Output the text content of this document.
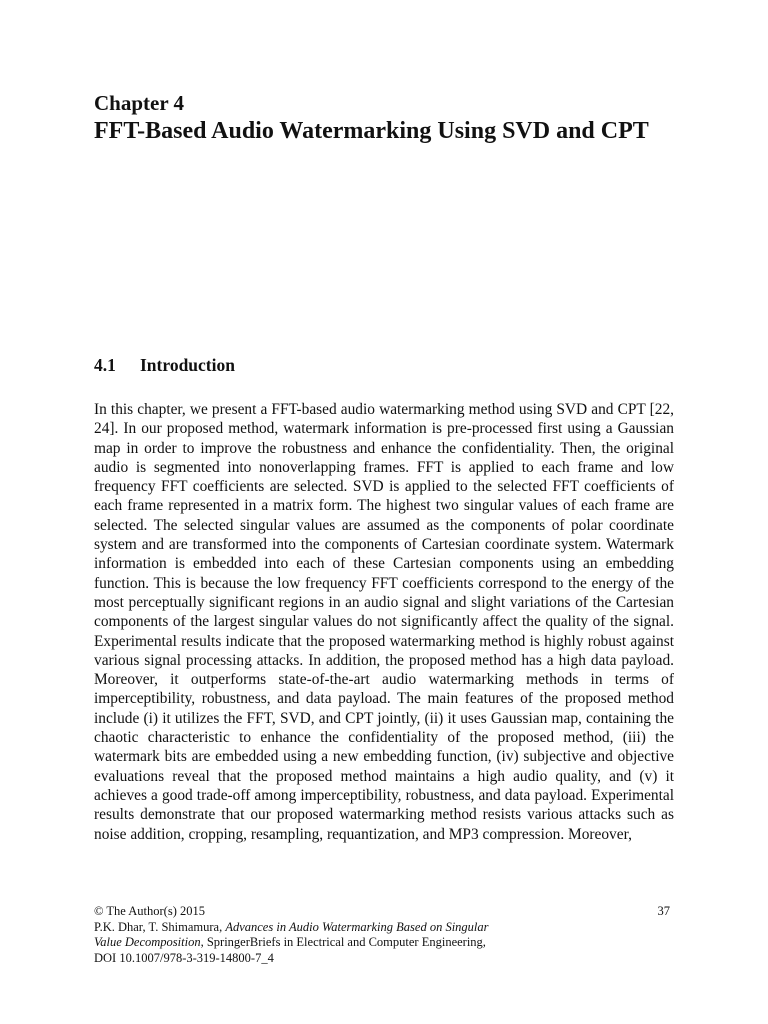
Chapter 4
FFT-Based Audio Watermarking Using SVD and CPT
4.1 Introduction

In this chapter, we present a FFT-based audio watermarking method using SVD and CPT [22, 24]. In our proposed method, watermark information is pre-processed first using a Gaussian map in order to improve the robustness and enhance the confidentiality. Then, the original audio is segmented into nonoverlapping frames. FFT is applied to each frame and low frequency FFT coefficients are selected. SVD is applied to the selected FFT coefficients of each frame represented in a matrix form. The highest two singular values of each frame are selected. The selected singular values are assumed as the components of polar coordinate system and are transformed into the components of Cartesian coordinate system. Watermark information is embedded into each of these Cartesian components using an embedding function. This is because the low frequency FFT coefficients correspond to the energy of the most perceptually significant regions in an audio signal and slight variations of the Cartesian components of the largest singular values do not significantly affect the quality of the signal. Experimental results indicate that the proposed watermarking method is highly robust against various signal processing attacks. In addition, the proposed method has a high data payload. Moreover, it outperforms state-of-the-art audio watermarking methods in terms of imperceptibility, robustness, and data payload. The main features of the proposed method include (i) it utilizes the FFT, SVD, and CPT jointly, (ii) it uses Gaussian map, containing the chaotic characteristic to enhance the confidentiality of the proposed method, (iii) the watermark bits are embedded using a new embedding function, (iv) subjective and objective evaluations reveal that the proposed method maintains a high audio quality, and (v) it achieves a good trade-off among imperceptibility, robustness, and data payload. Experimental results demonstrate that our proposed watermarking method resists various attacks such as noise addition, cropping, resampling, requantization, and MP3 compression. Moreover,

© The Author(s) 2015
P.K. Dhar, T. Shimamura, Advances in Audio Watermarking Based on Singular
Value Decomposition, SpringerBriefs in Electrical and Computer Engineering,
DOI 10.1007/978-3-319-14800-7_4
37
